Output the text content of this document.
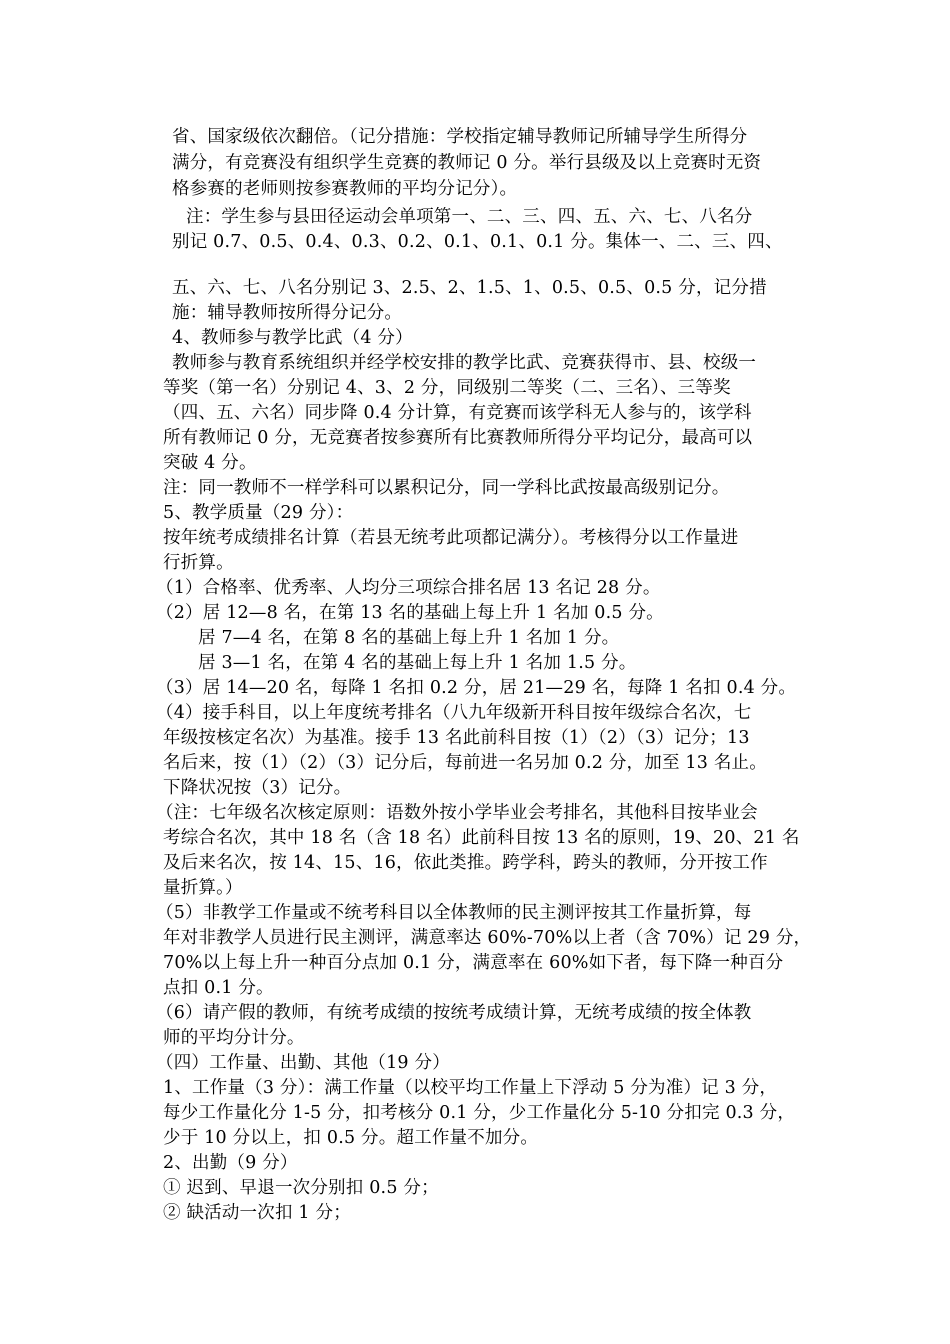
省、国家级依次翻倍。（记分措施：学校指定辅导教师记所辅导学生所得分
满分，有竞赛没有组织学生竞赛的教师记 0 分。举行县级及以上竞赛时无资
格参赛的老师则按参赛教师的平均分记分）。
注：学生参与县田径运动会单项第一、二、三、四、五、六、七、八名分
别记 0.7、0.5、0.4、0.3、0.2、0.1、0.1、0.1 分。集体一、二、三、四、
五、六、七、八名分别记 3、2.5、2、1.5、1、0.5、0.5、0.5 分，记分措
施：辅导教师按所得分记分。
4、教师参与教学比武（4 分）
教师参与教育系统组织并经学校安排的教学比武、竞赛获得市、县、校级一
等奖（第一名）分别记 4、3、2 分，同级别二等奖（二、三名）、三等奖
（四、五、六名）同步降 0.4 分计算，有竞赛而该学科无人参与的，该学科
所有教师记 0 分，无竞赛者按参赛所有比赛教师所得分平均记分，最高可以
突破 4 分。
注：同一教师不一样学科可以累积记分，同一学科比武按最高级别记分。
5、教学质量（29 分）：
按年统考成绩排名计算（若县无统考此项都记满分）。考核得分以工作量进
行折算。
（1）合格率、优秀率、人均分三项综合排名居 13 名记 28 分。
（2）居 12—8 名，在第 13 名的基础上每上升 1 名加 0.5 分。
居 7—4 名，在第 8 名的基础上每上升 1 名加 1 分。
居 3—1 名，在第 4 名的基础上每上升 1 名加 1.5 分。
（3）居 14—20 名，每降 1 名扣 0.2 分，居 21—29 名，每降 1 名扣 0.4 分。
（4）接手科目，以上年度统考排名（八九年级新开科目按年级综合名次，七
年级按核定名次）为基准。接手 13 名此前科目按（1）（2）（3）记分；13
名后来，按（1）（2）（3）记分后，每前进一名另加 0.2 分，加至 13 名止。
下降状况按（3）记分。
（注：七年级名次核定原则：语数外按小学毕业会考排名，其他科目按毕业会
考综合名次，其中 18 名（含 18 名）此前科目按 13 名的原则，19、20、21 名
及后来名次，按 14、15、16，依此类推。跨学科，跨头的教师，分开按工作
量折算。）
（5）非教学工作量或不统考科目以全体教师的民主测评按其工作量折算，每
年对非教学人员进行民主测评，满意率达 60%-70%以上者（含 70%）记 29 分，
70%以上每上升一种百分点加 0.1 分，满意率在 60%如下者，每下降一种百分
点扣 0.1 分。
（6）请产假的教师，有统考成绩的按统考成绩计算，无统考成绩的按全体教
师的平均分计分。
（四）工作量、出勤、其他（19 分）
1、工作量（3 分）：满工作量（以校平均工作量上下浮动 5 分为准）记 3 分，
每少工作量化分 1-5 分，扣考核分 0.1 分，少工作量化分 5-10 分扣完 0.3 分，
少于 10 分以上，扣 0.5 分。超工作量不加分。
2、出勤（9 分）
① 迟到、早退一次分别扣 0.5 分；
② 缺活动一次扣 1 分；
